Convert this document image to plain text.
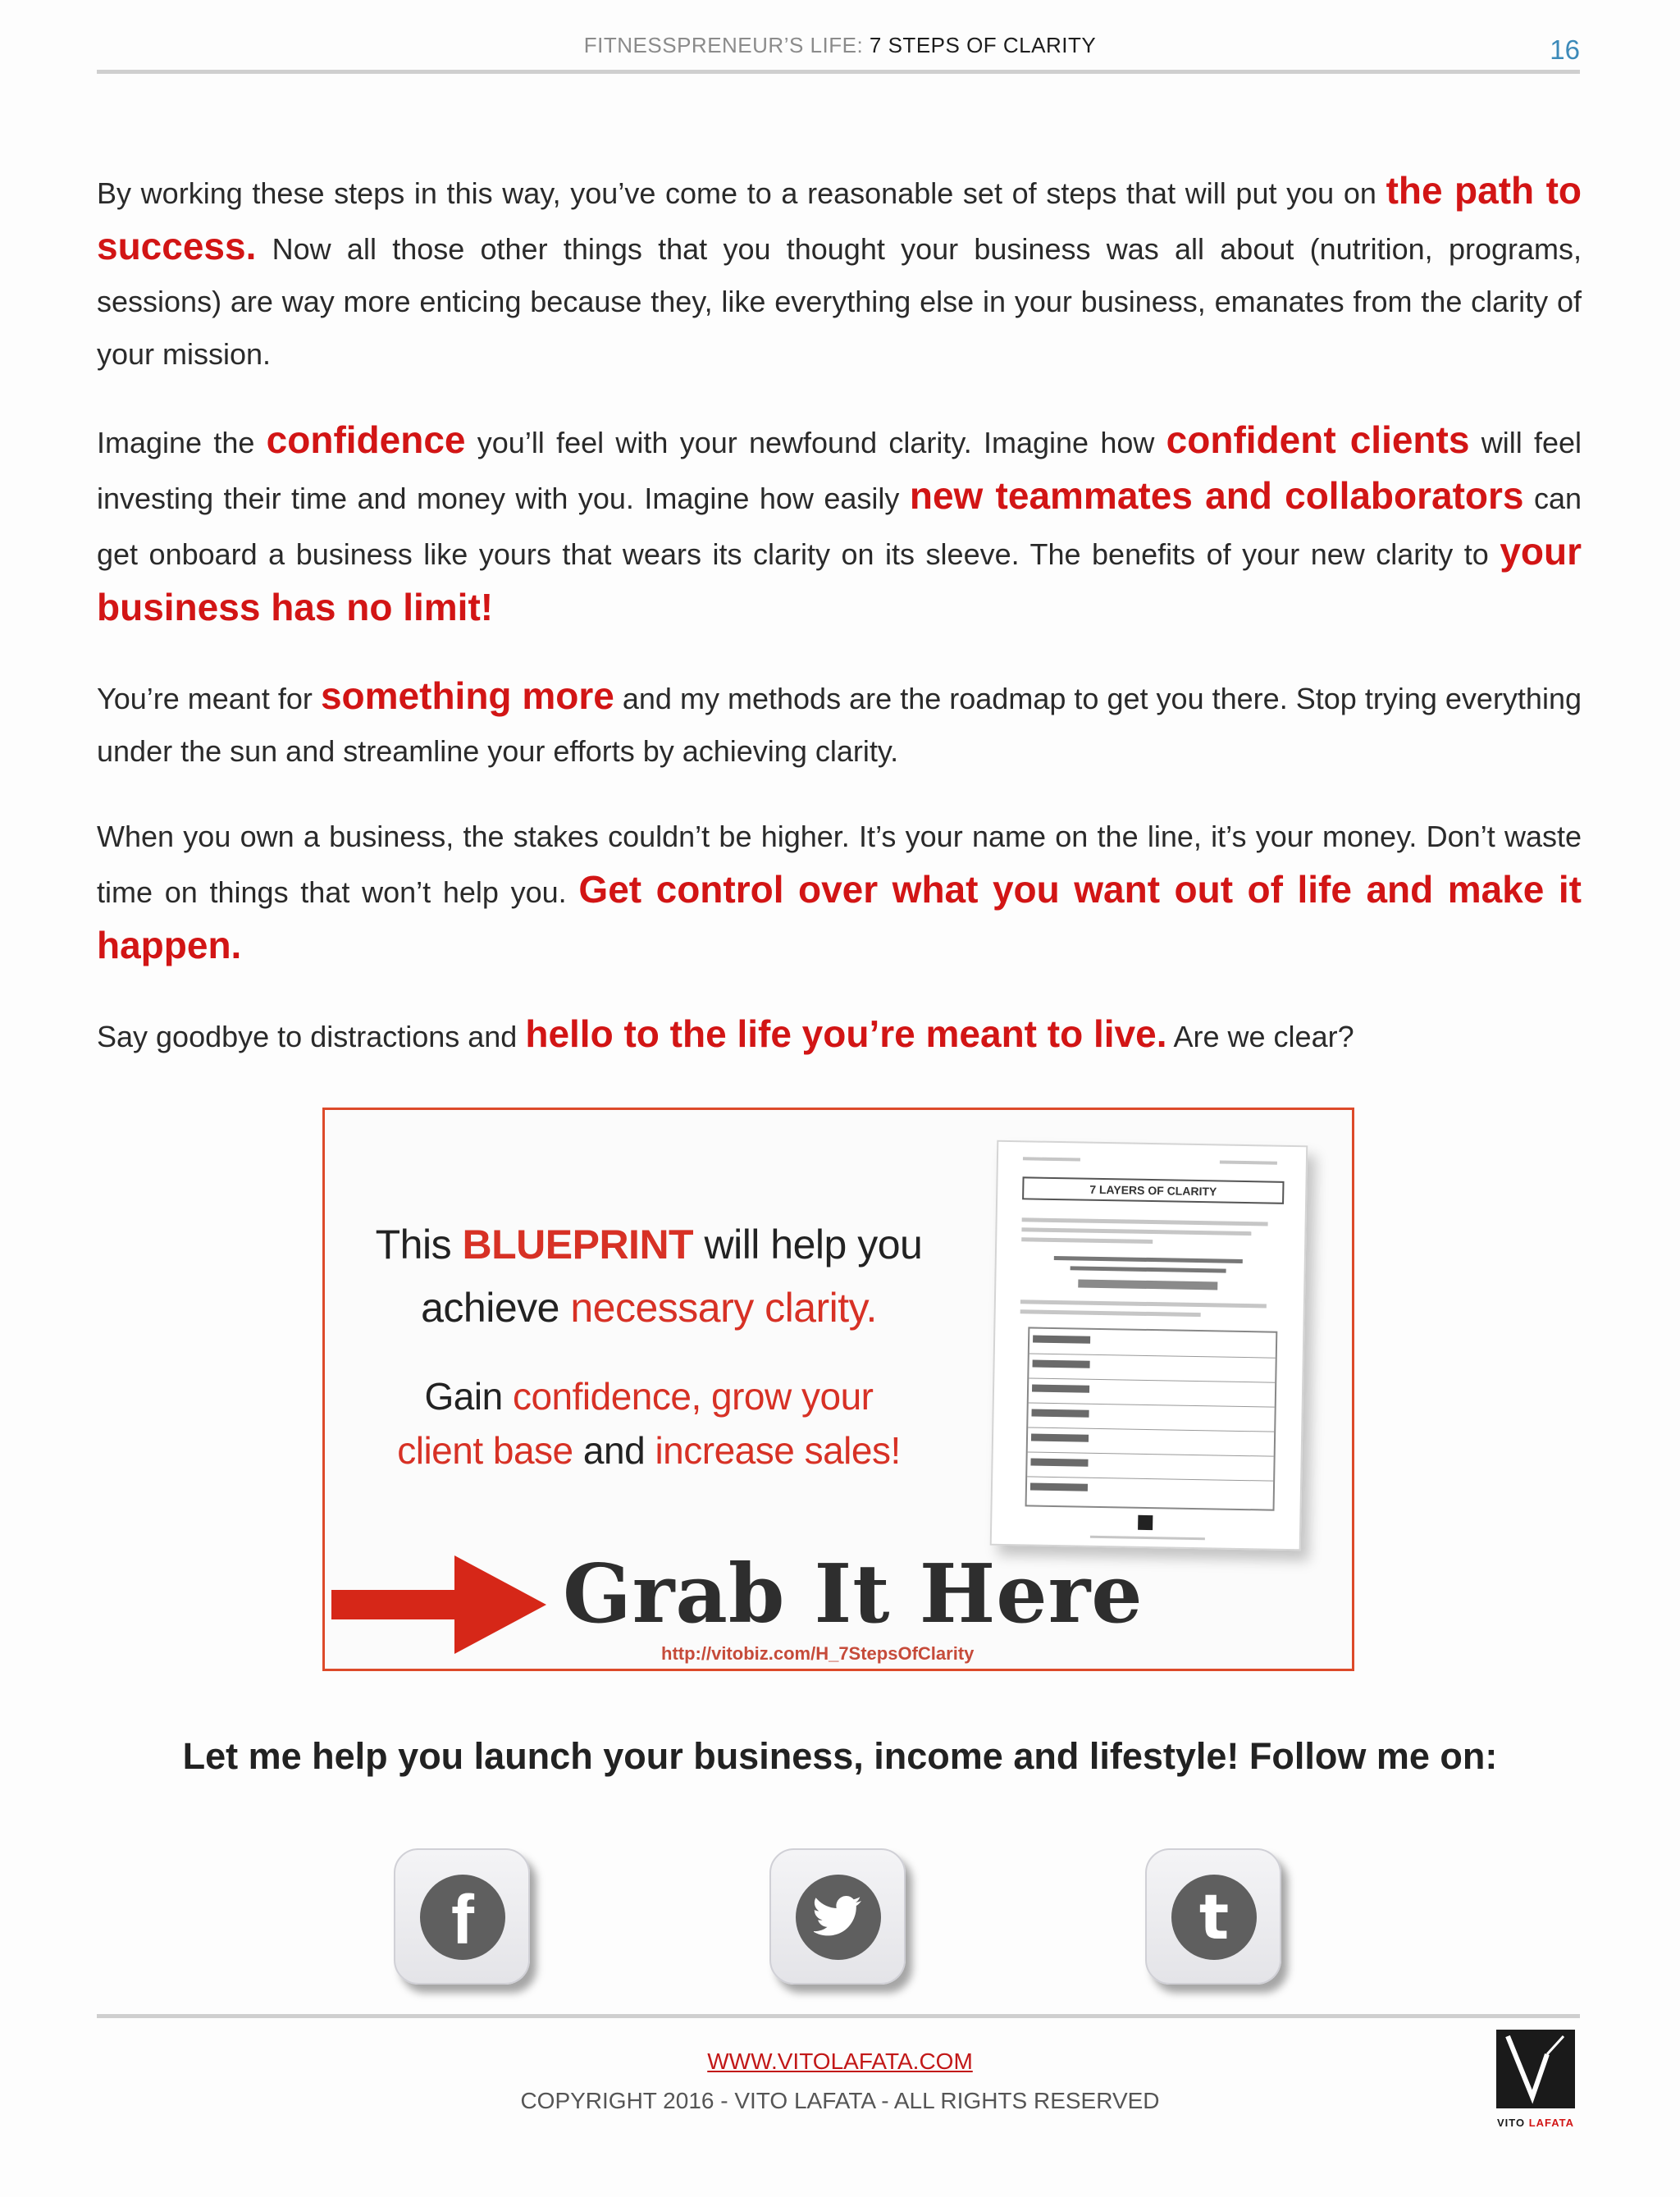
FITNESSPRENEUR’S LIFE: 7 STEPS OF CLARITY	16

By working these steps in this way, you’ve come to a reasonable set of steps that will put you on the path to success. Now all those other things that you thought your business was all about (nutrition, programs, sessions) are way more enticing because they, like everything else in your business, emanates from the clarity of your mission.

Imagine the confidence you’ll feel with your newfound clarity. Imagine how confident clients will feel investing their time and money with you. Imagine how easily new teammates and collaborators can get onboard a business like yours that wears its clarity on its sleeve. The benefits of your new clarity to your business has no limit!

You’re meant for something more and my methods are the roadmap to get you there. Stop trying everything under the sun and streamline your efforts by achieving clarity.

When you own a business, the stakes couldn’t be higher. It’s your name on the line, it’s your money. Don’t waste time on things that won’t help you. Get control over what you want out of life and make it happen.

Say goodbye to distractions and hello to the life you’re meant to live. Are we clear?

This BLUEPRINT will help you
achieve necessary clarity.
Gain confidence, grow your
client base and increase sales!
7 LAYERS OF CLARITY
Grab It Here
http://vitobiz.com/H_7StepsOfClarity
Let me help you launch your business, income and lifestyle! Follow me on:
f	t
WWW.VITOLAFATA.COM
COPYRIGHT 2016 - VITO LAFATA - ALL RIGHTS RESERVED
VITO LAFATA
